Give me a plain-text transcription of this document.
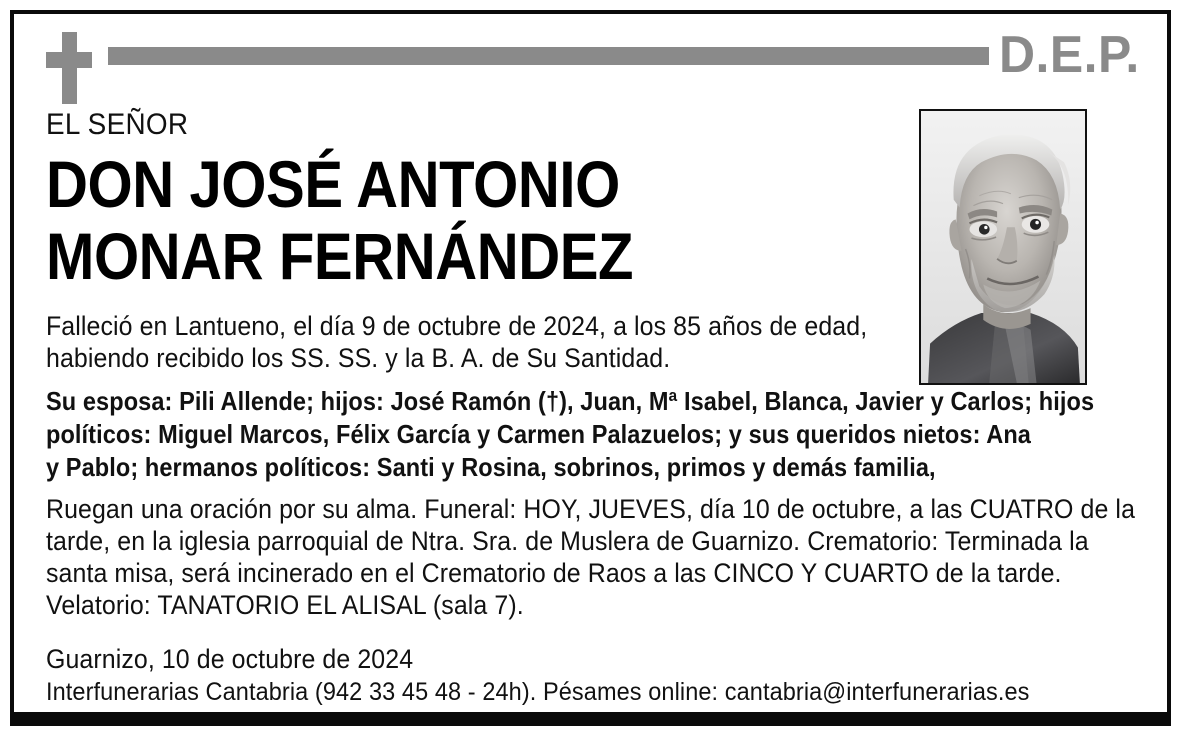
D.E.P.
EL SEÑOR
DON JOSÉ ANTONIO
MONAR FERNÁNDEZ
Falleció en Lantueno, el día 9 de octubre de 2024, a los 85 años de edad,
habiendo recibido los SS. SS. y la B. A. de Su Santidad.
Su esposa: Pili Allende; hijos: José Ramón (†), Juan, Mª Isabel, Blanca, Javier y Carlos; hijos
políticos: Miguel Marcos, Félix García y Carmen Palazuelos; y sus queridos nietos: Ana
y Pablo; hermanos políticos: Santi y Rosina, sobrinos, primos y demás familia,
Ruegan una oración por su alma. Funeral: HOY, JUEVES, día 10 de octubre, a las CUATRO de la
tarde, en la iglesia parroquial de Ntra. Sra. de Muslera de Guarnizo. Crematorio: Terminada la
santa misa, será incinerado en el Crematorio de Raos a las CINCO Y CUARTO de la tarde.
Velatorio: TANATORIO EL ALISAL (sala 7).
Guarnizo, 10 de octubre de 2024
Interfunerarias Cantabria (942 33 45 48 - 24h). Pésames online: cantabria@interfunerarias.es
